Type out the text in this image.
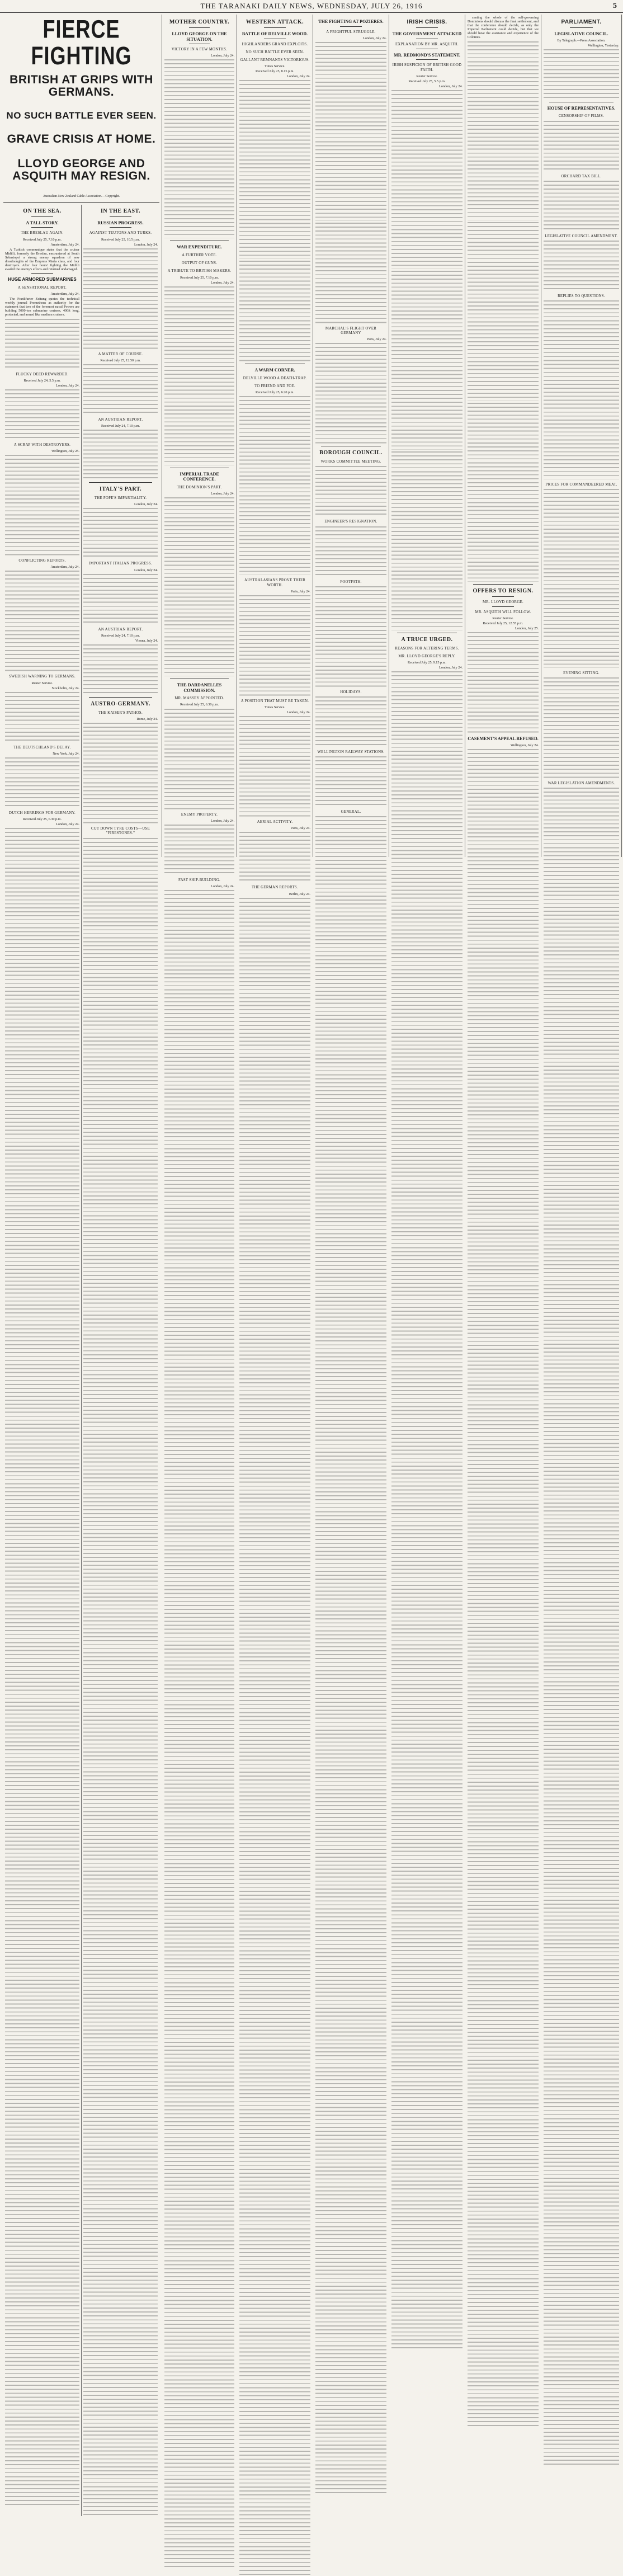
THE TARANAKI DAILY NEWS, WEDNESDAY, JULY 26, 1916	5
FIERCE FIGHTING
BRITISH AT GRIPS WITH GERMANS.
NO SUCH BATTLE EVER SEEN.
GRAVE CRISIS AT HOME.
LLOYD GEORGE AND ASQUITH MAY RESIGN.
Australian-New Zealand Cable Association.—Copyright.
ON THE SEA.
A TALL STORY.
THE BRESLAU AGAIN.
Received July 25, 7.10 p.m.
Amsterdam, July 24.

A Turkish communique states that the cruiser Midilli, formerly the Breslau, encountered at South Sebastopol a strong enemy squadron of new dreadnoughts of the Empress Maria class, and four destroyers. After four hours' fighting the Midilli evaded the enemy's efforts and returned undamaged.

HUGE ARMORED SUBMARINES
A SENSATIONAL REPORT.
Amsterdam, July 24.

The Frankfurter Zeitung quotes the technical weekly journal Prometheus as authority for the statement that two of the foremost naval Powers are building 5000-ton submarine cruisers, 400ft long, protected, and armed like medium cruisers.

FLUCKY DEED REWARDED.
Received July 24, 5.5 p.m.
London, July 24.
A SCRAP WITH DESTROYERS.
Wellington, July 25.
CONFLICTING REPORTS.
Amsterdam, July 24.
SWEDISH WARNING TO GERMANS.
Reuter Service.
Stockholm, July 24.
THE DEUTSCHLAND'S DELAY.
New York, July 24.
DUTCH HERRINGS FOR GERMANY.
Received July 25, 6.30 p.m.
London, July 24.
IN THE EAST.
RUSSIAN PROGRESS.
AGAINST TEUTONS AND TURKS.
Received July 25, 10.5 p.m.
London, July 24.
A MATTER OF COURSE.
Received July 25, 12.50 p.m.
AN AUSTRIAN REPORT.
Received July 24, 7.10 p.m.
ITALY'S PART.
THE POPE'S IMPARTIALITY.
London, July 24.
IMPORTANT ITALIAN PROGRESS.
London, July 24.
AN AUSTRIAN REPORT.
Received July 24, 7.10 p.m.
Vienna, July 24.
AUSTRO-GERMANY.
THE KAISER'S PATHOS.
Rome, July 24.
CUT DOWN TYRE COSTS—USE "FIRESTONES."
MOTHER COUNTRY.
LLOYD GEORGE ON THE SITUATION.
VICTORY IN A FEW MONTHS.
London, July 24.
WAR EXPENDITURE.
A FURTHER VOTE.
OUTPUT OF GUNS.
A TRIBUTE TO BRITISH MAKERS.
Received July 25, 7.10 p.m.
London, July 24.
IMPERIAL TRADE CONFERENCE.
THE DOMINION'S PART.
London, July 24.
THE DARDANELLES COMMISSION.
MR. MASSEY APPOINTED.
Received July 25, 6.30 p.m.
ENEMY PROPERTY.
London, July 24.
FAST SHIP-BUILDING.
London, July 24.
WESTERN ATTACK.
BATTLE OF DELVILLE WOOD.
HIGHLANDERS GRAND EXPLOITS.
NO SUCH BATTLE EVER SEEN.
GALLANT REMNANTS VICTORIOUS.
Times Service.
Received July 25, 8.15 p.m.
London, July 24.
A WARM CORNER.
DELVILLE WOOD A DEATH-TRAP.
TO FRIEND AND FOE.
Received July 25, 6.20 p.m.
AUSTRALASIANS PROVE THEIR WORTH.
Paris, July 24.
A POSITION THAT MUST BE TAKEN.
Times Service.
London, July 24.
AERIAL ACTIVITY.
Paris, July 24.
THE GERMAN REPORTS.
Berlin, July 24.
THE FIGHTING AT POZIERES.
A FRIGHTFUL STRUGGLE.
London, July 24.
MARCHAL'S FLIGHT OVER GERMANY
Paris, July 24.
BOROUGH COUNCIL.
WORKS COMMITTEE MEETING.
ENGINEER'S RESIGNATION.
FOOTPATH.
HOLIDAYS.
WELLINGTON RAILWAY STATIONS.
GENERAL.
IRISH CRISIS.
THE GOVERNMENT ATTACKED
EXPLANATION BY MR. ASQUITH.
MR. REDMOND'S STATEMENT.
IRISH SUSPICION OF BRITISH GOOD FAITH.
Reuter Service.
Received July 25, 5.5 p.m.
London, July 24.
A TRUCE URGED.
REASONS FOR ALTERING TERMS.
MR. LLOYD GEORGE'S REPLY.
Received July 25, 9.15 p.m.
London, July 24.

centing the whole of the self-governing Dominions should discuss the final settlement, and that the conference should decide, as only the Imperial Parliament could decide, but that we should have the assistance and experience of the Colonies.

OFFERS TO RESIGN.
MR. LLOYD GEORGE.
MR. ASQUITH WILL FOLLOW.
Reuter Service.
Received July 25, 12.55 p.m.
London, July 25.
CASEMENT'S APPEAL REFUSED.
Wellington, July 24.
PARLIAMENT.
LEGISLATIVE COUNCIL.
By Telegraph.—Press Association.
Wellington, Yesterday.
HOUSE OF REPRESENTATIVES.
CENSORSHIP OF FILMS.
ORCHARD TAX BILL.
LEGISLATIVE COUNCIL AMENDMENT.
REPLIES TO QUESTIONS.
PRICES FOR COMMANDEERED MEAT.
EVENING SITTING.
WAR LEGISLATION AMENDMENTS.
